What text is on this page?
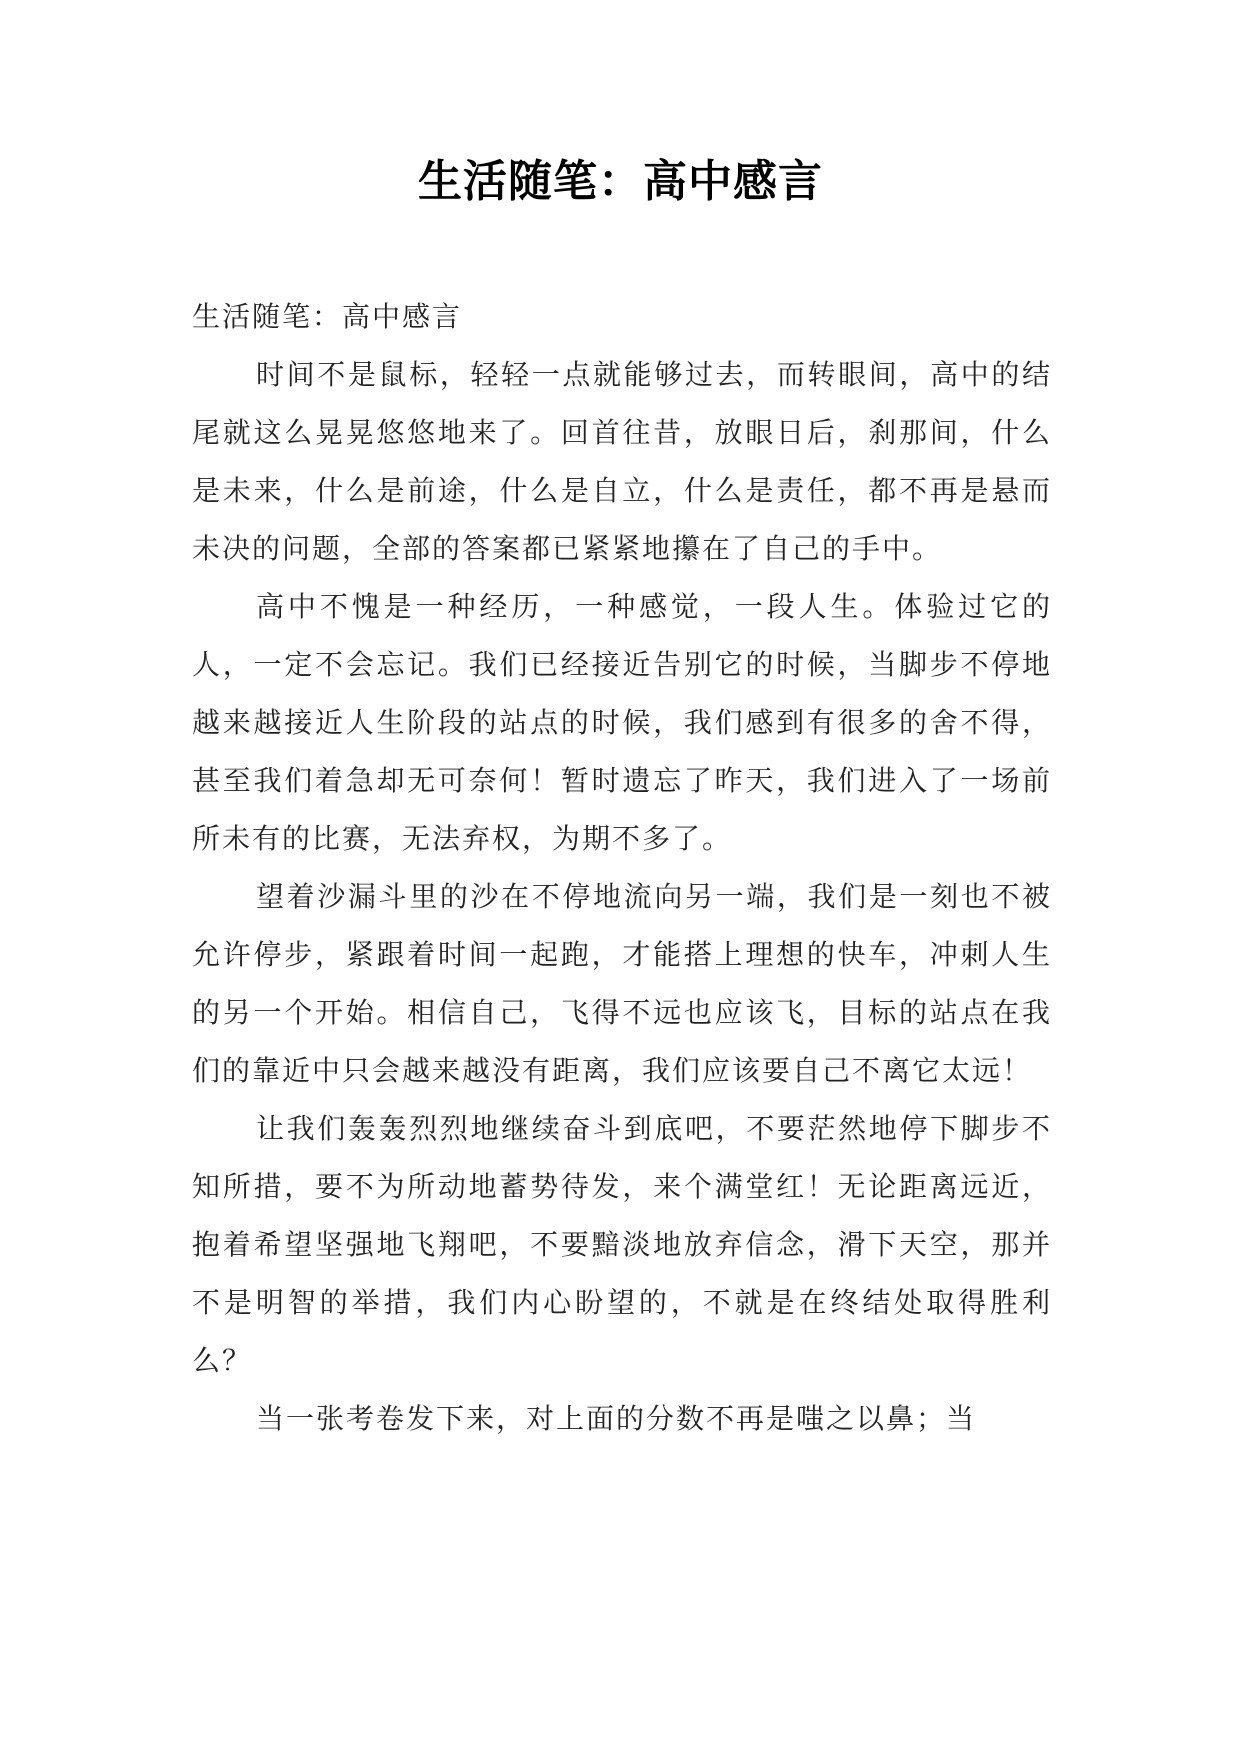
生活随笔：高中感言

生活随笔：高中感言

时间不是鼠标，轻轻一点就能够过去，而转眼间，高中的结尾就这么晃晃悠悠地来了。回首往昔，放眼日后，刹那间，什么是未来，什么是前途，什么是自立，什么是责任，都不再是悬而未决的问题，全部的答案都已紧紧地攥在了自己的手中。

高中不愧是一种经历，一种感觉，一段人生。体验过它的人，一定不会忘记。我们已经接近告别它的时候，当脚步不停地越来越接近人生阶段的站点的时候，我们感到有很多的舍不得，甚至我们着急却无可奈何！暂时遗忘了昨天，我们进入了一场前所未有的比赛，无法弃权，为期不多了。

望着沙漏斗里的沙在不停地流向另一端，我们是一刻也不被允许停步，紧跟着时间一起跑，才能搭上理想的快车，冲刺人生的另一个开始。相信自己，飞得不远也应该飞，目标的站点在我们的靠近中只会越来越没有距离，我们应该要自己不离它太远！

让我们轰轰烈烈地继续奋斗到底吧，不要茫然地停下脚步不知所措，要不为所动地蓄势待发，来个满堂红！无论距离远近，抱着希望坚强地飞翔吧，不要黯淡地放弃信念，滑下天空，那并不是明智的举措，我们内心盼望的，不就是在终结处取得胜利么？

当一张考卷发下来，对上面的分数不再是嗤之以鼻；当
